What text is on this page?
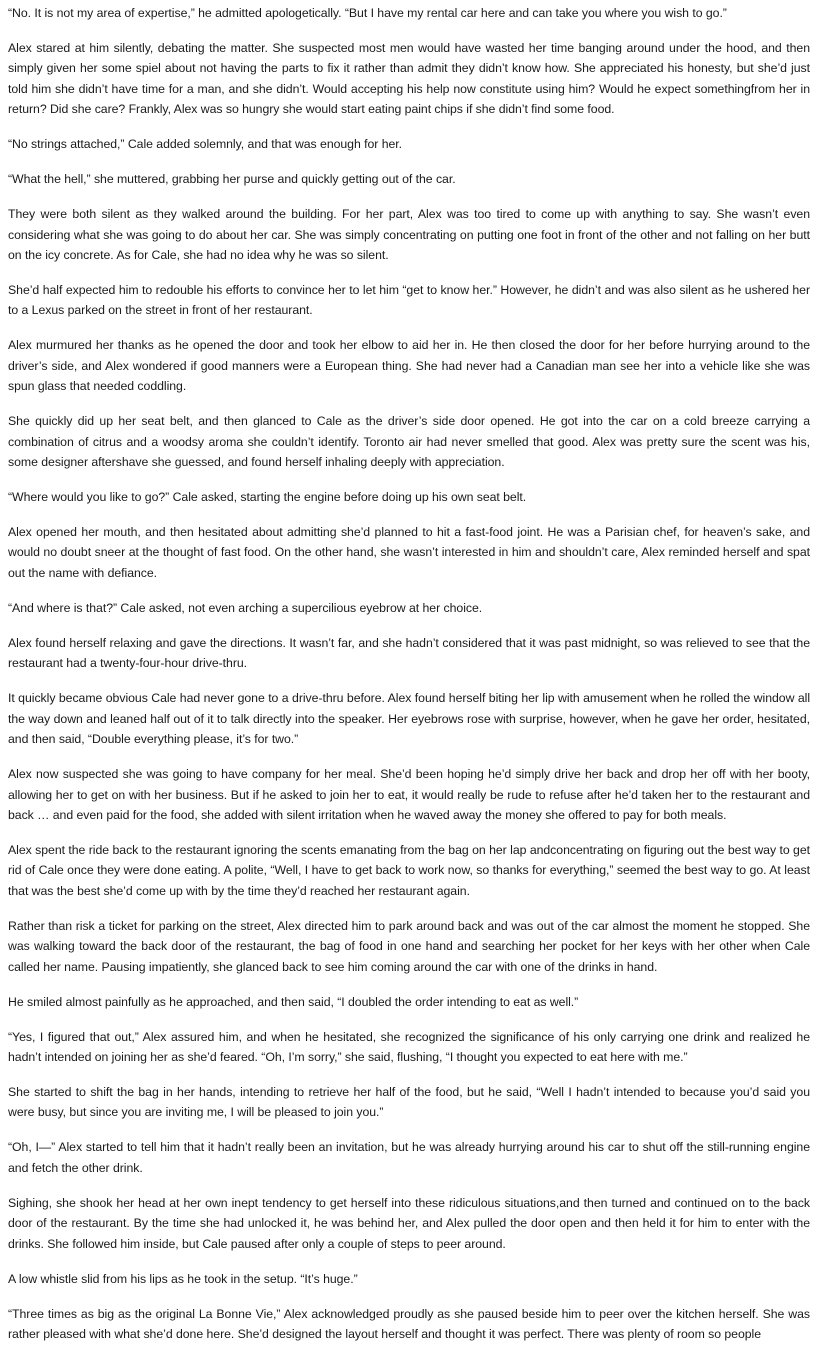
“No. It is not my area of expertise,” he admitted apologetically. “But I have my rental car here and can take you where you wish to go.”

Alex stared at him silently, debating the matter. She suspected most men would have wasted her time banging around under the hood, and then simply given her some spiel about not having the parts to fix it rather than admit they didn’t know how. She appreciated his honesty, but she’d just told him she didn’t have time for a man, and she didn’t. Would accepting his help now constitute using him? Would he expect somethingfrom her in return? Did she care? Frankly, Alex was so hungry she would start eating paint chips if she didn’t find some food.

“No strings attached,” Cale added solemnly, and that was enough for her.

“What the hell,” she muttered, grabbing her purse and quickly getting out of the car.

They were both silent as they walked around the building. For her part, Alex was too tired to come up with anything to say. She wasn’t even considering what she was going to do about her car. She was simply concentrating on putting one foot in front of the other and not falling on her butt on the icy concrete. As for Cale, she had no idea why he was so silent.

She’d half expected him to redouble his efforts to convince her to let him “get to know her.” However, he didn’t and was also silent as he ushered her to a Lexus parked on the street in front of her restaurant.

Alex murmured her thanks as he opened the door and took her elbow to aid her in. He then closed the door for her before hurrying around to the driver’s side, and Alex wondered if good manners were a European thing. She had never had a Canadian man see her into a vehicle like she was spun glass that needed coddling.

She quickly did up her seat belt, and then glanced to Cale as the driver’s side door opened. He got into the car on a cold breeze carrying a combination of citrus and a woodsy aroma she couldn’t identify. Toronto air had never smelled that good. Alex was pretty sure the scent was his, some designer aftershave she guessed, and found herself inhaling deeply with appreciation.

“Where would you like to go?” Cale asked, starting the engine before doing up his own seat belt.

Alex opened her mouth, and then hesitated about admitting she’d planned to hit a fast-food joint. He was a Parisian chef, for heaven’s sake, and would no doubt sneer at the thought of fast food. On the other hand, she wasn’t interested in him and shouldn’t care, Alex reminded herself and spat out the name with defiance.

“And where is that?” Cale asked, not even arching a supercilious eyebrow at her choice.

Alex found herself relaxing and gave the directions. It wasn’t far, and she hadn’t considered that it was past midnight, so was relieved to see that the restaurant had a twenty-four-hour drive-thru.

It quickly became obvious Cale had never gone to a drive-thru before. Alex found herself biting her lip with amusement when he rolled the window all the way down and leaned half out of it to talk directly into the speaker. Her eyebrows rose with surprise, however, when he gave her order, hesitated, and then said, “Double everything please, it’s for two.”

Alex now suspected she was going to have company for her meal. She’d been hoping he’d simply drive her back and drop her off with her booty, allowing her to get on with her business. But if he asked to join her to eat, it would really be rude to refuse after he’d taken her to the restaurant and back … and even paid for the food, she added with silent irritation when he waved away the money she offered to pay for both meals.

Alex spent the ride back to the restaurant ignoring the scents emanating from the bag on her lap andconcentrating on figuring out the best way to get rid of Cale once they were done eating. A polite, “Well, I have to get back to work now, so thanks for everything,” seemed the best way to go. At least that was the best she’d come up with by the time they’d reached her restaurant again.

Rather than risk a ticket for parking on the street, Alex directed him to park around back and was out of the car almost the moment he stopped. She was walking toward the back door of the restaurant, the bag of food in one hand and searching her pocket for her keys with her other when Cale called her name. Pausing impatiently, she glanced back to see him coming around the car with one of the drinks in hand.

He smiled almost painfully as he approached, and then said, “I doubled the order intending to eat as well.”

“Yes, I figured that out,” Alex assured him, and when he hesitated, she recognized the significance of his only carrying one drink and realized he hadn’t intended on joining her as she’d feared. “Oh, I’m sorry,” she said, flushing, “I thought you expected to eat here with me.”

She started to shift the bag in her hands, intending to retrieve her half of the food, but he said, “Well I hadn’t intended to because you’d said you were busy, but since you are inviting me, I will be pleased to join you.”

“Oh, I—” Alex started to tell him that it hadn’t really been an invitation, but he was already hurrying around his car to shut off the still-running engine and fetch the other drink.

Sighing, she shook her head at her own inept tendency to get herself into these ridiculous situations,and then turned and continued on to the back door of the restaurant. By the time she had unlocked it, he was behind her, and Alex pulled the door open and then held it for him to enter with the drinks. She followed him inside, but Cale paused after only a couple of steps to peer around.

A low whistle slid from his lips as he took in the setup. “It’s huge.”

“Three times as big as the original La Bonne Vie,” Alex acknowledged proudly as she paused beside him to peer over the kitchen herself. She was rather pleased with what she’d done here. She’d designed the layout herself and thought it was perfect. There was plenty of room so people
